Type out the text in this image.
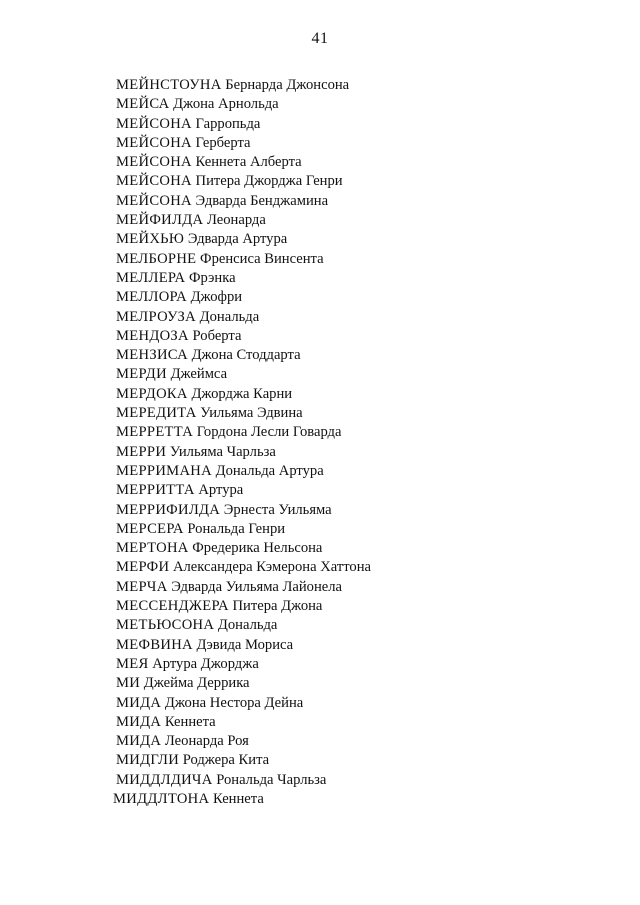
41
МЕЙНСТОУНА Бернарда Джонсона
МЕЙСА Джона Арнольда
МЕЙСОНА Гарропьда
МЕЙСОНА Герберта
МЕЙСОНА Кеннета Алберта
МЕЙСОНА Питера Джорджа Генри
МЕЙСОНА Эдварда Бенджамина
МЕЙФИЛДА Леонарда
МЕЙХЬЮ Эдварда Артура
МЕЛБОРНЕ Френсиса Винсента
МЕЛЛЕРА Фрэнка
МЕЛЛОРА Джофри
МЕЛРОУЗА Дональда
МЕНДОЗА Роберта
МЕНЗИСА Джона Стоддарта
МЕРДИ Джеймса
МЕРДОКА Джорджа Карни
МЕРЕДИТА Уильяма Эдвина
МЕРРЕТТА Гордона Лесли Говарда
МЕРРИ Уильяма Чарльза
МЕРРИМАНА Дональда Артура
МЕРРИТТА Артура
МЕРРИФИЛДА Эрнеста Уильяма
МЕРСЕРА Рональда Генри
МЕРТОНА Фредерика Нельсона
МЕРФИ Александера Кэмерона Хаттона
МЕРЧА Эдварда Уильяма Лайонела
МЕССЕНДЖЕРА Питера Джона
МЕТЬЮСОНА Дональда
МЕФВИНА Дэвида Мориса
МЕЯ Артура Джорджа
МИ Джейма Деррика
МИДА Джона Нестора Дейна
МИДА Кеннета
МИДА Леонарда Роя
МИДГЛИ Роджера Кита
МИДДЛДИЧА Рональда Чарльза
МИДДЛТОНА Кеннета
